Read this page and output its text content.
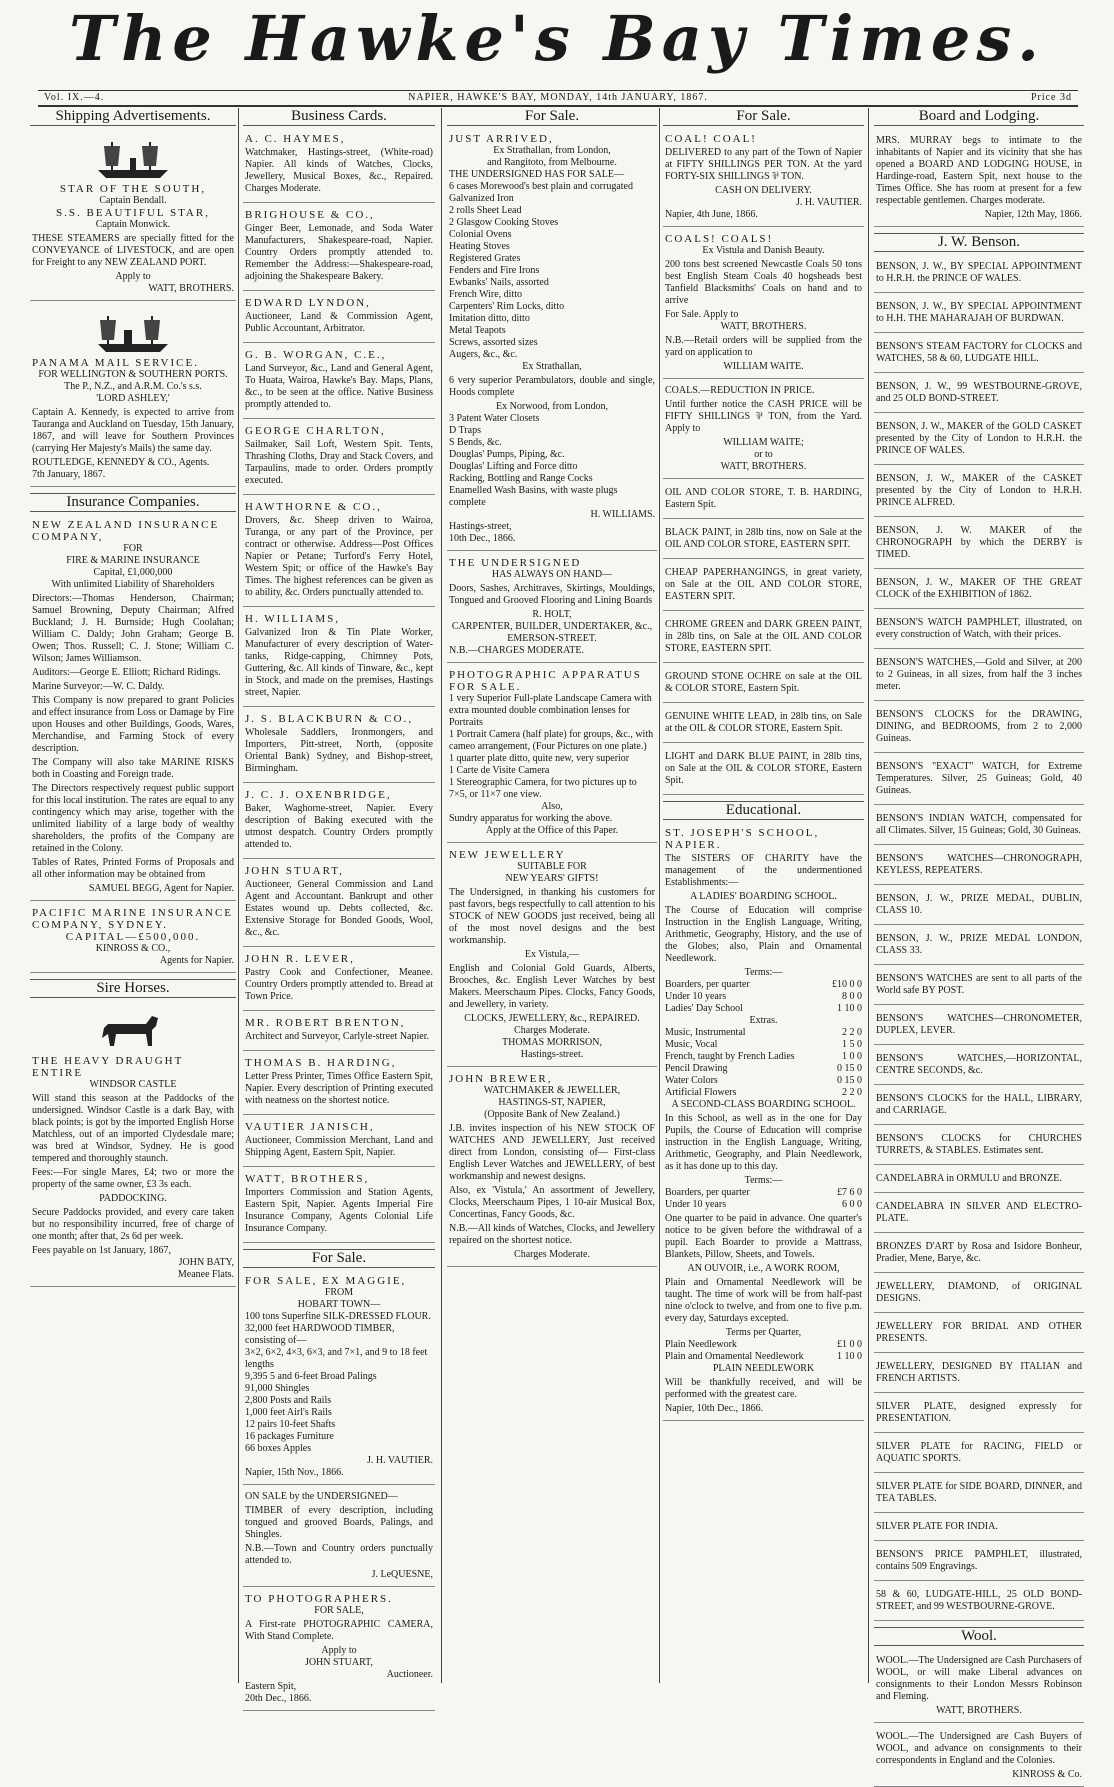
The Hawke's Bay Times.
Vol. IX.—4.	NAPIER, HAWKE'S BAY, MONDAY, 14th JANUARY, 1867.	Price 3d
Shipping Advertisements.
STAR OF THE SOUTH,
Captain Bendall.
S.S. BEAUTIFUL STAR,
Captain Monwick.

THESE STEAMERS are specially fitted for the CONVEYANCE of LIVESTOCK, and are open for Freight to any NEW ZEALAND PORT.

Apply to
WATT, BROTHERS.
PANAMA MAIL SERVICE.
FOR WELLINGTON & SOUTHERN PORTS.
The P., N.Z., and A.R.M. Co.'s s.s.
'LORD ASHLEY,'

Captain A. Kennedy, is expected to arrive from Tauranga and Auckland on Tuesday, 15th January, 1867, and will leave for Southern Provinces (carrying Her Majesty's Mails) the same day.

ROUTLEDGE, KENNEDY & CO., Agents.
7th January, 1867.
Insurance Companies.
NEW ZEALAND INSURANCE COMPANY,
FOR
FIRE & MARINE INSURANCE
Capital, £1,000,000
With unlimited Liability of Shareholders

Directors:—Thomas Henderson, Chairman; Samuel Browning, Deputy Chairman; Alfred Buckland; J. H. Burnside; Hugh Coolahan; William C. Daldy; John Graham; George B. Owen; Thos. Russell; C. J. Stone; William C. Wilson; James Williamson.

Auditors:—George E. Elliott; Richard Ridings.

Marine Surveyor:—W. C. Daldy.

This Company is now prepared to grant Policies and effect insurance from Loss or Damage by Fire upon Houses and other Buildings, Goods, Wares, Merchandise, and Farming Stock of every description.

The Company will also take MARINE RISKS both in Coasting and Foreign trade.

The Directors respectively request public support for this local institution. The rates are equal to any contingency which may arise, together with the unlimited liability of a large body of wealthy shareholders, the profits of the Company are retained in the Colony.

Tables of Rates, Printed Forms of Proposals and all other information may be obtained from

SAMUEL BEGG, Agent for Napier.
PACIFIC MARINE INSURANCE COMPANY, SYDNEY.
CAPITAL—£500,000.
KINROSS & CO.,
Agents for Napier.
Sire Horses.
THE HEAVY DRAUGHT ENTIRE
WINDSOR CASTLE

Will stand this season at the Paddocks of the undersigned. Windsor Castle is a dark Bay, with black points; is got by the imported English Horse Matchless, out of an imported Clydesdale mare; was bred at Windsor, Sydney. He is good tempered and thoroughly staunch.

Fees:—For single Mares, £4; two or more the property of the same owner, £3 3s each.

PADDOCKING.

Secure Paddocks provided, and every care taken but no responsibility incurred, free of charge of one month; after that, 2s 6d per week.

Fees payable on 1st January, 1867,
JOHN BATY,
Meanee Flats.
Business Cards.
A. C. HAYMES,

Watchmaker, Hastings-street, (White-road) Napier. All kinds of Watches, Clocks, Jewellery, Musical Boxes, &c., Repaired. Charges Moderate.

BRIGHOUSE & CO.,

Ginger Beer, Lemonade, and Soda Water Manufacturers, Shakespeare-road, Napier. Country Orders promptly attended to. Remember the Address:—Shakespeare-road, adjoining the Shakespeare Bakery.

EDWARD LYNDON,

Auctioneer, Land & Commission Agent, Public Accountant, Arbitrator.

G. B. WORGAN, C.E.,

Land Surveyor, &c., Land and General Agent, To Huata, Wairoa, Hawke's Bay. Maps, Plans, &c., to be seen at the office. Native Business promptly attended to.

GEORGE CHARLTON,

Sailmaker, Sail Loft, Western Spit. Tents, Thrashing Cloths, Dray and Stack Covers, and Tarpaulins, made to order. Orders promptly executed.

HAWTHORNE & CO.,

Drovers, &c. Sheep driven to Wairoa, Turanga, or any part of the Province, per contract or otherwise. Address—Post Offices Napier or Petane; Turford's Ferry Hotel, Western Spit; or office of the Hawke's Bay Times. The highest references can be given as to ability, &c. Orders punctually attended to.

H. WILLIAMS,

Galvanized Iron & Tin Plate Worker, Manufacturer of every description of Water-tanks, Ridge-capping, Chimney Pots, Guttering, &c. All kinds of Tinware, &c., kept in Stock, and made on the premises, Hastings street, Napier.

J. S. BLACKBURN & CO.,

Wholesale Saddlers, Ironmongers, and Importers, Pitt-street, North, (opposite Oriental Bank) Sydney, and Bishop-street, Birmingham.

J. C. J. OXENBRIDGE,

Baker, Waghorne-street, Napier. Every description of Baking executed with the utmost despatch. Country Orders promptly attended to.

JOHN STUART,

Auctioneer, General Commission and Land Agent and Accountant. Bankrupt and other Estates wound up. Debts collected, &c. Extensive Storage for Bonded Goods, Wool, &c., &c.

JOHN R. LEVER,

Pastry Cook and Confectioner, Meanee. Country Orders promptly attended to. Bread at Town Price.

MR. ROBERT BRENTON,

Architect and Surveyor, Carlyle-street Napier.

THOMAS B. HARDING,

Letter Press Printer, Times Office Eastern Spit, Napier. Every description of Printing executed with neatness on the shortest notice.

VAUTIER JANISCH,

Auctioneer, Commission Merchant, Land and Shipping Agent, Eastern Spit, Napier.

WATT, BROTHERS,

Importers Commission and Station Agents, Eastern Spit, Napier. Agents Imperial Fire Insurance Company, Agents Colonial Life Insurance Company.

For Sale.
FOR SALE, EX MAGGIE,
FROM
HOBART TOWN—
100 tons Superfine SILK-DRESSED FLOUR.
32,000 feet HARDWOOD TIMBER, consisting of—
3×2, 6×2, 4×3, 6×3, and 7×1, and 9 to 18 feet lengths
9,395 5 and 6-feet Broad Palings
91,000 Shingles
2,800 Posts and Rails
1,000 feet Airl's Rails
12 pairs 10-feet Shafts
16 packages Furniture
66 boxes Apples
J. H. VAUTIER.
Napier, 15th Nov., 1866.
ON SALE by the UNDERSIGNED—

TIMBER of every description, including tongued and grooved Boards, Palings, and Shingles.

N.B.—Town and Country orders punctually attended to.

J. LeQUESNE,
TO PHOTOGRAPHERS.
FOR SALE,

A First-rate PHOTOGRAPHIC CAMERA, With Stand Complete.

Apply to
JOHN STUART,
Auctioneer.
Eastern Spit,
20th Dec., 1866.
For Sale.
JUST ARRIVED,
Ex Strathallan, from London,
and Rangitoto, from Melbourne.
THE UNDERSIGNED HAS FOR SALE—
6 cases Morewood's best plain and corrugated Galvanized Iron
2 rolls Sheet Lead
2 Glasgow Cooking Stoves
Colonial Ovens
Heating Stoves
Registered Grates
Fenders and Fire Irons
Ewbanks' Nails, assorted
French Wire, ditto
Carpenters' Rim Locks, ditto
Imitation ditto, ditto
Metal Teapots
Screws, assorted sizes
Augers, &c., &c.
Ex Strathallan,

6 very superior Perambulators, double and single, Hoods complete

Ex Norwood, from London,
3 Patent Water Closets
D Traps
S Bends, &c.
Douglas' Pumps, Piping, &c.
Douglas' Lifting and Force ditto
Racking, Bottling and Range Cocks
Enamelled Wash Basins, with waste plugs complete
H. WILLIAMS.
Hastings-street,
10th Dec., 1866.
THE UNDERSIGNED
HAS ALWAYS ON HAND—

Doors, Sashes, Architraves, Skirtings, Mouldings, Tongued and Grooved Flooring and Lining Boards

R. HOLT,
CARPENTER, BUILDER, UNDERTAKER, &c.,
EMERSON-STREET.
N.B.—CHARGES MODERATE.
PHOTOGRAPHIC APPARATUS FOR SALE.
1 very Superior Full-plate Landscape Camera with extra mounted double combination lenses for Portraits
1 Portrait Camera (half plate) for groups, &c., with cameo arrangement, (Four Pictures on one plate.)
1 quarter plate ditto, quite new, very superior
1 Carte de Visite Camera
1 Stereographic Camera, for two pictures up to 7×5, or 11×7 one view.
Also,
Sundry apparatus for working the above.
Apply at the Office of this Paper.
NEW JEWELLERY
SUITABLE FOR
NEW YEARS' GIFTS!

The Undersigned, in thanking his customers for past favors, begs respectfully to call attention to his STOCK of NEW GOODS just received, being all of the most novel designs and the best workmanship.

Ex Vistula,—

English and Colonial Gold Guards, Alberts, Brooches, &c. English Lever Watches by best Makers. Meerschaum Pipes. Clocks, Fancy Goods, and Jewellery, in variety.

CLOCKS, JEWELLERY, &c., REPAIRED.
Charges Moderate.
THOMAS MORRISON,
Hastings-street.
JOHN BREWER,
WATCHMAKER & JEWELLER,
HASTINGS-ST, NAPIER,
(Opposite Bank of New Zealand.)

J.B. invites inspection of his NEW STOCK OF WATCHES AND JEWELLERY, Just received direct from London, consisting of— First-class English Lever Watches and JEWELLERY, of best workmanship and newest designs.

Also, ex 'Vistula,' An assortment of Jewellery, Clocks, Meerschaum Pipes, 1 10-air Musical Box, Concertinas, Fancy Goods, &c.

N.B.—All kinds of Watches, Clocks, and Jewellery repaired on the shortest notice.

Charges Moderate.
For Sale.
COAL! COAL!

DELIVERED to any part of the Town of Napier at FIFTY SHILLINGS PER TON. At the yard FORTY-SIX SHILLINGS ⅌ TON.

CASH ON DELIVERY.
J. H. VAUTIER.
Napier, 4th June, 1866.
COALS! COALS!
Ex Vistula and Danish Beauty.

200 tons best screened Newcastle Coals 50 tons best English Steam Coals 40 hogsheads best Tanfield Blacksmiths' Coals on hand and to arrive

For Sale. Apply to
WATT, BROTHERS.

N.B.—Retail orders will be supplied from the yard on application to

WILLIAM WAITE.
COALS.—REDUCTION IN PRICE.

Until further notice the CASH PRICE will be FIFTY SHILLINGS ⅌ TON, from the Yard. Apply to

WILLIAM WAITE;
or to
WATT, BROTHERS.

OIL AND COLOR STORE, T. B. HARDING, Eastern Spit.

BLACK PAINT, in 28lb tins, now on Sale at the OIL AND COLOR STORE, EASTERN SPIT.

CHEAP PAPERHANGINGS, in great variety, on Sale at the OIL AND COLOR STORE, EASTERN SPIT.

CHROME GREEN and DARK GREEN PAINT, in 28lb tins, on Sale at the OIL AND COLOR STORE, EASTERN SPIT.

GROUND STONE OCHRE on sale at the OIL & COLOR STORE, Eastern Spit.

GENUINE WHITE LEAD, in 28lb tins, on Sale at the OIL & COLOR STORE, Eastern Spit.

LIGHT and DARK BLUE PAINT, in 28lb tins, on Sale at the OIL & COLOR STORE, Eastern Spit.

Educational.
ST. JOSEPH'S SCHOOL, NAPIER.

The SISTERS OF CHARITY have the management of the undermentioned Establishments:—

A LADIES' BOARDING SCHOOL.

The Course of Education will comprise Instruction in the English Language, Writing, Arithmetic, Geography, History, and the use of the Globes; also, Plain and Ornamental Needlework.

Terms:—
Boarders, per quarter	£10 0 0
Under 10 years	8 0 0
Ladies' Day School	1 10 0
Extras.
Music, Instrumental	2 2 0
Music, Vocal	1 5 0
French, taught by French Ladies	1 0 0
Pencil Drawing	0 15 0
Water Colors	0 15 0
Artificial Flowers	2 2 0
A SECOND-CLASS BOARDING SCHOOL.

In this School, as well as in the one for Day Pupils, the Course of Education will comprise instruction in the English Language, Writing, Arithmetic, Geography, and Plain Needlework, as it has done up to this day.

Terms:—
Boarders, per quarter	£7 6 0
Under 10 years	6 0 0

One quarter to be paid in advance. One quarter's notice to be given before the withdrawal of a pupil. Each Boarder to provide a Mattrass, Blankets, Pillow, Sheets, and Towels.

AN OUVOIR, i.e., A WORK ROOM,

Plain and Ornamental Needlework will be taught. The time of work will be from half-past nine o'clock to twelve, and from one to five p.m. every day, Saturdays excepted.

Terms per Quarter,
Plain Needlework	£1 0 0
Plain and Ornamental Needlework	1 10 0
PLAIN NEEDLEWORK

Will be thankfully received, and will be performed with the greatest care.

Napier, 10th Dec., 1866.
Board and Lodging.

MRS. MURRAY begs to intimate to the inhabitants of Napier and its vicinity that she has opened a BOARD AND LODGING HOUSE, in Hardinge-road, Eastern Spit, next house to the Times Office. She has room at present for a few respectable gentlemen. Charges moderate.

Napier, 12th May, 1866.
J. W. Benson.

BENSON, J. W., BY SPECIAL APPOINTMENT to H.R.H. the PRINCE OF WALES.

BENSON, J. W., BY SPECIAL APPOINTMENT to H.H. THE MAHARAJAH OF BURDWAN.

BENSON'S STEAM FACTORY for CLOCKS and WATCHES, 58 & 60, LUDGATE HILL.

BENSON, J. W., 99 WESTBOURNE-GROVE, and 25 OLD BOND-STREET.

BENSON, J. W., MAKER of the GOLD CASKET presented by the City of London to H.R.H. the PRINCE OF WALES.

BENSON, J. W., MAKER of the CASKET presented by the City of London to H.R.H. PRINCE ALFRED.

BENSON, J. W. MAKER of the CHRONOGRAPH by which the DERBY is TIMED.

BENSON, J. W., MAKER OF THE GREAT CLOCK of the EXHIBITION of 1862.

BENSON'S WATCH PAMPHLET, illustrated, on every construction of Watch, with their prices.

BENSON'S WATCHES,—Gold and Silver, at 200 to 2 Guineas, in all sizes, from half the 3 inches meter.

BENSON'S CLOCKS for the DRAWING, DINING, and BEDROOMS, from 2 to 2,000 Guineas.

BENSON'S "EXACT" WATCH, for Extreme Temperatures. Silver, 25 Guineas; Gold, 40 Guineas.

BENSON'S INDIAN WATCH, compensated for all Climates. Silver, 15 Guineas; Gold, 30 Guineas.

BENSON'S WATCHES—CHRONOGRAPH, KEYLESS, REPEATERS.

BENSON, J. W., PRIZE MEDAL, DUBLIN, CLASS 10.

BENSON, J. W., PRIZE MEDAL LONDON, CLASS 33.

BENSON'S WATCHES are sent to all parts of the World safe BY POST.

BENSON'S WATCHES—CHRONOMETER, DUPLEX, LEVER.

BENSON'S WATCHES,—HORIZONTAL, CENTRE SECONDS, &c.

BENSON'S CLOCKS for the HALL, LIBRARY, and CARRIAGE.

BENSON'S CLOCKS for CHURCHES TURRETS, & STABLES. Estimates sent.

CANDELABRA in ORMULU and BRONZE.

CANDELABRA IN SILVER AND ELECTRO-PLATE.

BRONZES D'ART by Rosa and Isidore Bonheur, Pradier, Mene, Barye, &c.

JEWELLERY, DIAMOND, of ORIGINAL DESIGNS.

JEWELLERY FOR BRIDAL AND OTHER PRESENTS.

JEWELLERY, DESIGNED BY ITALIAN and FRENCH ARTISTS.

SILVER PLATE, designed expressly for PRESENTATION.

SILVER PLATE for RACING, FIELD or AQUATIC SPORTS.

SILVER PLATE for SIDE BOARD, DINNER, and TEA TABLES.

SILVER PLATE FOR INDIA.

BENSON'S PRICE PAMPHLET, illustrated, contains 509 Engravings.

58 & 60, LUDGATE-HILL, 25 OLD BOND-STREET, and 99 WESTBOURNE-GROVE.

Wool.

WOOL.—The Undersigned are Cash Purchasers of WOOL, or will make Liberal advances on consignments to their London Messrs Robinson and Fleming.

WATT, BROTHERS.

WOOL.—The Undersigned are Cash Buyers of WOOL, and advance on consignments to their correspondents in England and the Colonies.

KINROSS & Co.
